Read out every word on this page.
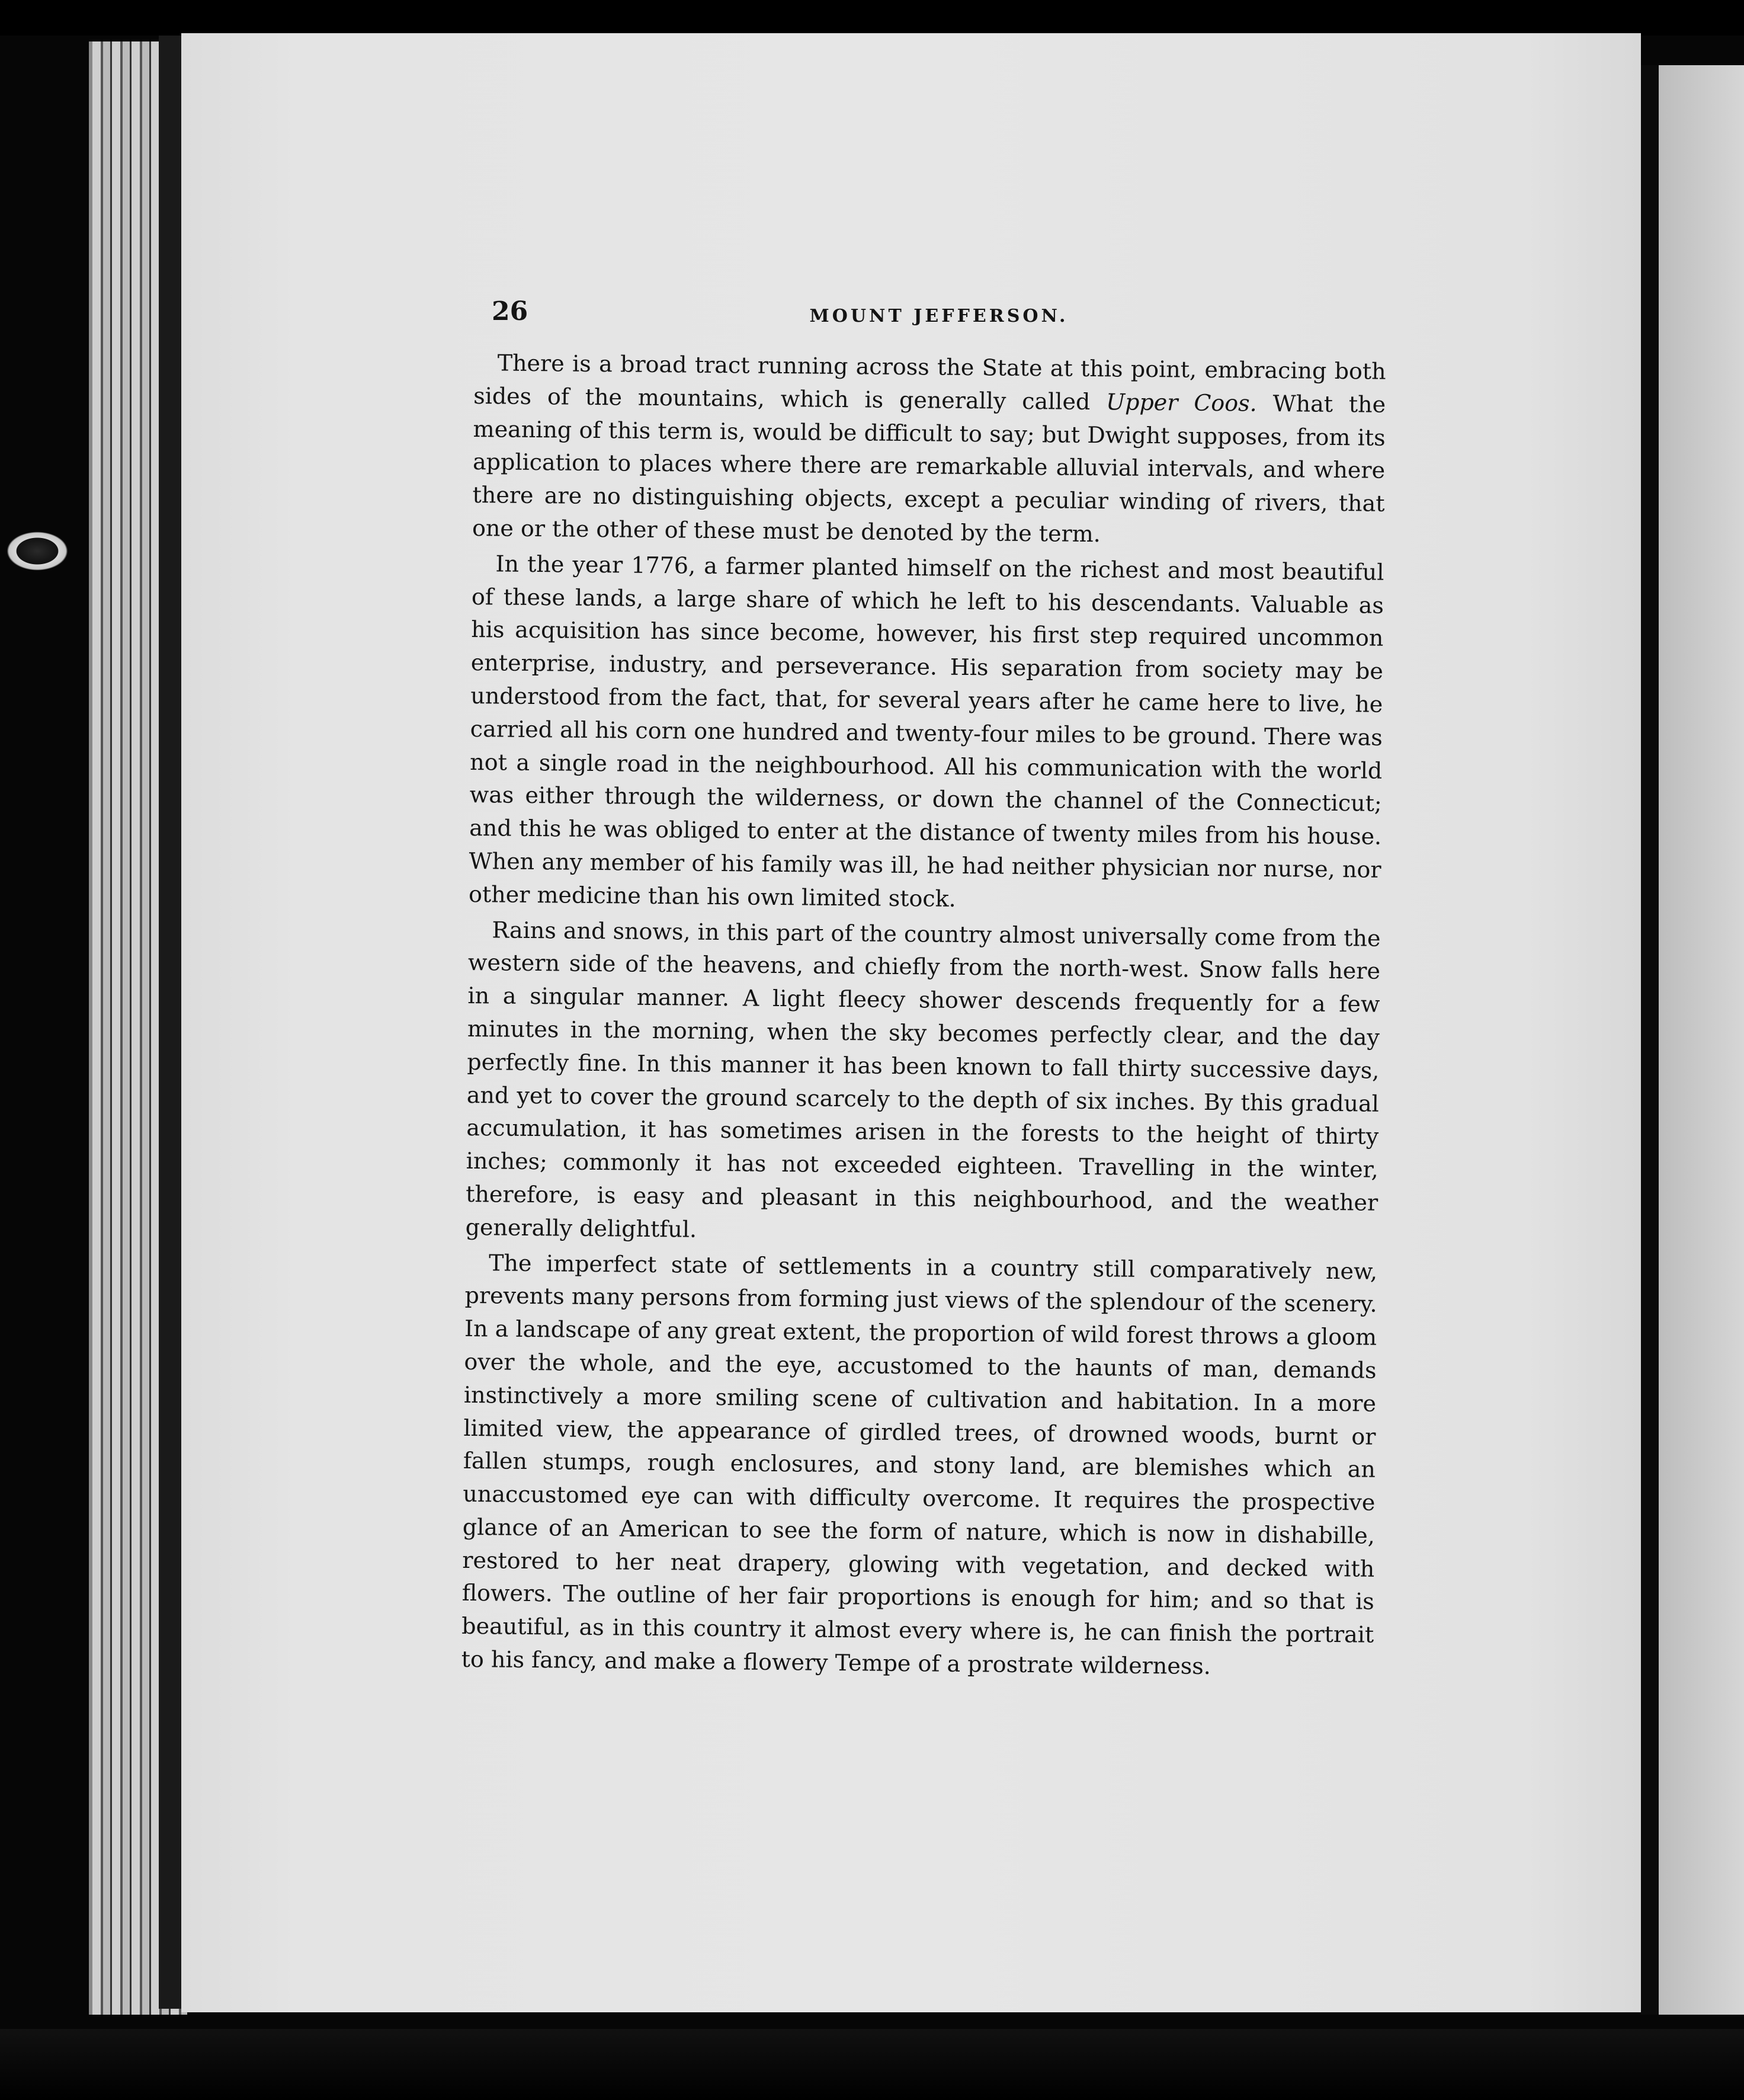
26	MOUNT JEFFERSON.

There is a broad tract running across the State at this point, embracing both sides of the mountains, which is generally called Upper Coos. What the meaning of this term is, would be difficult to say; but Dwight supposes, from its application to places where there are remarkable alluvial intervals, and where there are no distinguishing objects, except a peculiar winding of rivers, that one or the other of these must be denoted by the term.

In the year 1776, a farmer planted himself on the richest and most beautiful of these lands, a large share of which he left to his descendants. Valuable as his acquisition has since become, however, his first step required uncommon enterprise, industry, and perseverance. His separation from society may be understood from the fact, that, for several years after he came here to live, he carried all his corn one hundred and twenty-four miles to be ground. There was not a single road in the neighbourhood. All his communication with the world was either through the wilderness, or down the channel of the Connecticut; and this he was obliged to enter at the distance of twenty miles from his house. When any member of his family was ill, he had neither physician nor nurse, nor other medicine than his own limited stock.

Rains and snows, in this part of the country almost universally come from the western side of the heavens, and chiefly from the north-west. Snow falls here in a singular manner. A light fleecy shower descends frequently for a few minutes in the morning, when the sky becomes perfectly clear, and the day perfectly fine. In this manner it has been known to fall thirty successive days, and yet to cover the ground scarcely to the depth of six inches. By this gradual accumulation, it has sometimes arisen in the forests to the height of thirty inches; commonly it has not exceeded eighteen. Travelling in the winter, therefore, is easy and pleasant in this neighbourhood, and the weather generally delightful.

The imperfect state of settlements in a country still comparatively new, prevents many persons from forming just views of the splendour of the scenery. In a landscape of any great extent, the proportion of wild forest throws a gloom over the whole, and the eye, accustomed to the haunts of man, demands instinctively a more smiling scene of cultivation and habitation. In a more limited view, the appearance of girdled trees, of drowned woods, burnt or fallen stumps, rough enclosures, and stony land, are blemishes which an unaccustomed eye can with difficulty overcome. It requires the prospective glance of an American to see the form of nature, which is now in dishabille, restored to her neat drapery, glowing with vegetation, and decked with flowers. The outline of her fair proportions is enough for him; and so that is beautiful, as in this country it almost every where is, he can finish the portrait to his fancy, and make a flowery Tempe of a prostrate wilderness.
